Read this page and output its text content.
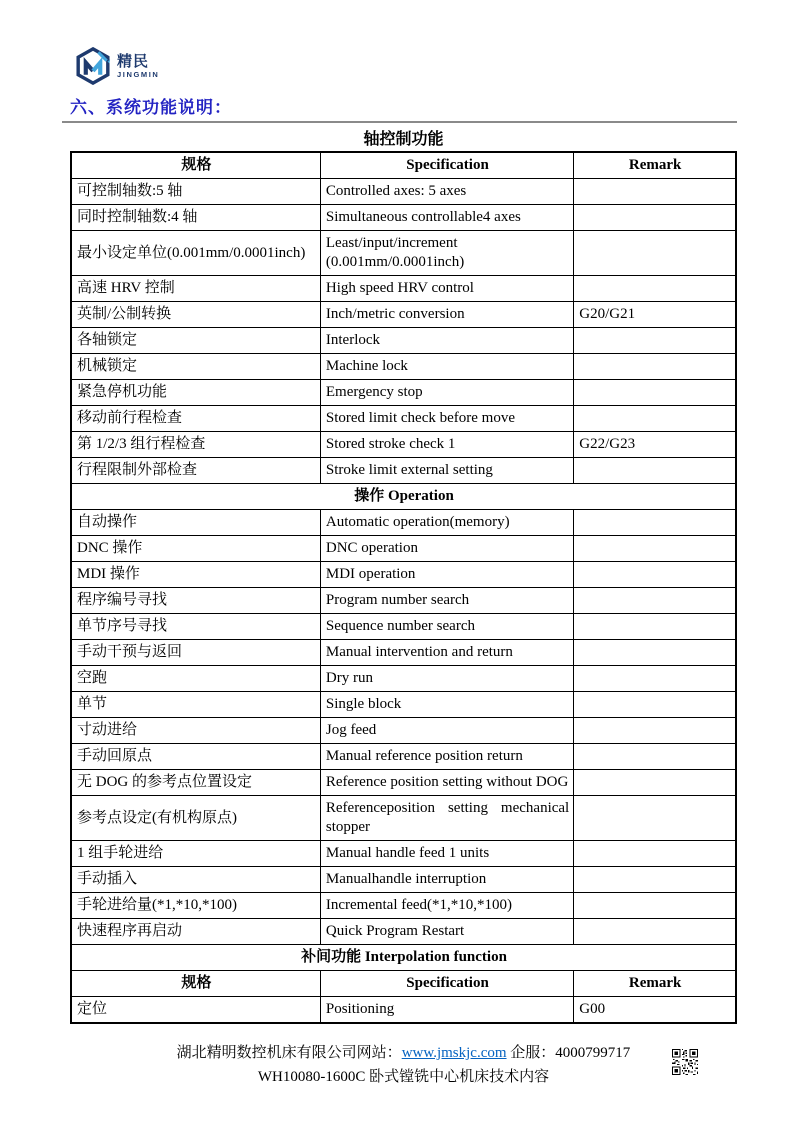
精民
JINGMIN
六、系统功能说明：
轴控制功能
规格	Specification	Remark
可控制轴数:5 轴	Controlled axes: 5 axes	
同时控制轴数:4 轴	Simultaneous controllable4 axes	
最小设定单位(0.001mm/0.0001inch)	Least/input/increment (0.001mm/0.0001inch)	
高速 HRV 控制	High speed HRV control	
英制/公制转换	Inch/metric conversion	G20/G21
各轴锁定	Interlock	
机械锁定	Machine lock	
紧急停机功能	Emergency stop	
移动前行程检查	Stored limit check before move	
第 1/2/3 组行程检查	Stored stroke check 1	G22/G23
行程限制外部检查	Stroke limit external setting	
操作 Operation		
自动操作	Automatic operation(memory)	
DNC 操作	DNC operation	
MDI 操作	MDI operation	
程序编号寻找	Program number search	
单节序号寻找	Sequence number search	
手动干预与返回	Manual intervention and return	
空跑	Dry run	
单节	Single block	
寸动进给	Jog feed	
手动回原点	Manual reference position return	
无 DOG 的参考点位置设定	Reference position setting without DOG	
参考点设定(有机构原点)	Referenceposition setting mechanical stopper	
1 组手轮进给	Manual handle feed 1 units	
手动插入	Manualhandle interruption	
手轮进给量(*1,*10,*100)	Incremental feed(*1,*10,*100)	
快速程序再启动	Quick Program Restart	
补间功能 Interpolation function		
规格	Specification	Remark
定位	Positioning	G00
湖北精明数控机床有限公司网站：www.jmskjc.com 企服：4000799717
WH10080-1600C 卧式镗铣中心机床技术内容
